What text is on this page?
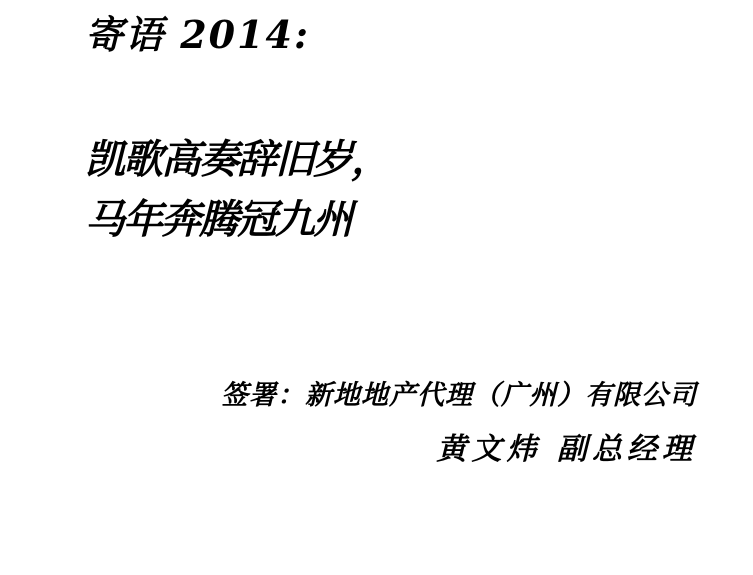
寄语 2014:
凯歌高奏辞旧岁，
马年奔腾冠九州
签署：新地地产代理（广州）有限公司
黄文炜 副总经理
